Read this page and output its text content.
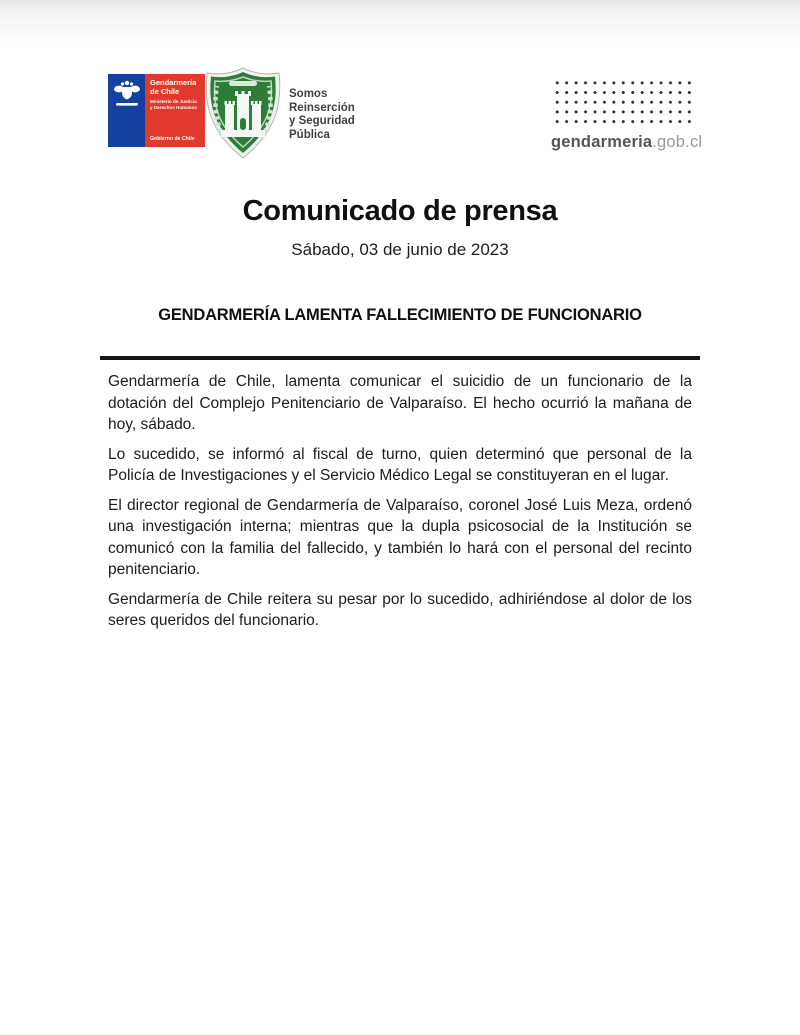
Gendarmería
de Chile
Ministerio de Justicia
y Derechos Humanos
Gobierno de Chile
Somos
Reinserción
y Seguridad
Pública	gendarmeria.gob.cl
Comunicado de prensa
Sábado, 03 de junio de 2023
GENDARMERÍA LAMENTA FALLECIMIENTO DE FUNCIONARIO

Gendarmería de Chile, lamenta comunicar el suicidio de un funcionario de la dotación del Complejo Penitenciario de Valparaíso. El hecho ocurrió la mañana de hoy, sábado.

Lo sucedido, se informó al fiscal de turno, quien determinó que personal de la Policía de Investigaciones y el Servicio Médico Legal se constituyeran en el lugar.

El director regional de Gendarmería de Valparaíso, coronel José Luis Meza, ordenó una investigación interna; mientras que la dupla psicosocial de la Institución se comunicó con la familia del fallecido, y también lo hará con el personal del recinto penitenciario.

Gendarmería de Chile reitera su pesar por lo sucedido, adhiriéndose al dolor de los seres queridos del funcionario.
